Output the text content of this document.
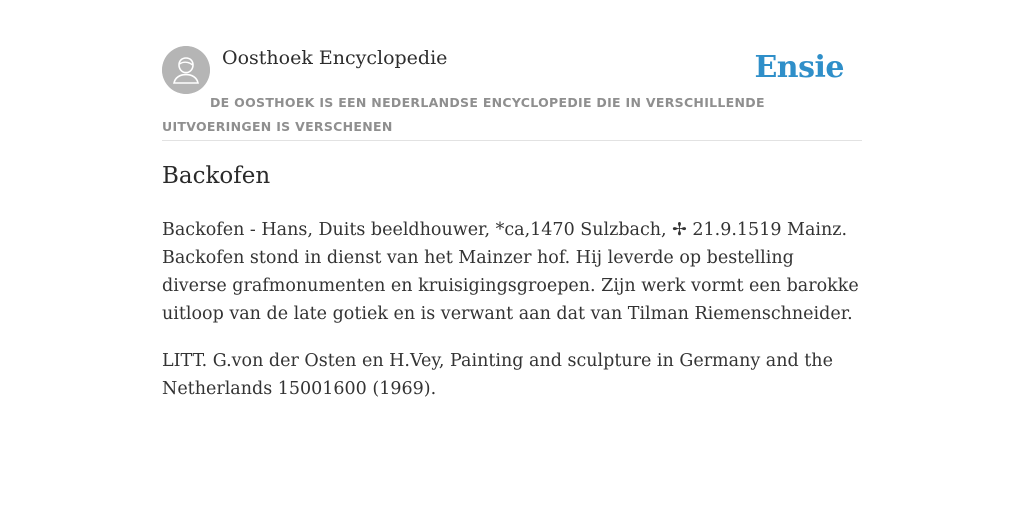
Oosthoek Encyclopedie	Ensie
DE OOSTHOEK IS EEN NEDERLANDSE ENCYCLOPEDIE DIE IN VERSCHILLENDE UITVOERINGEN IS VERSCHENEN
Backofen

Backofen - Hans, Duits beeldhouwer, *ca,1470 Sulzbach, ✢ 21.9.1519 Mainz. Backofen stond in dienst van het Mainzer hof. Hij leverde op bestelling diverse grafmonumenten en kruisigingsgroepen. Zijn werk vormt een barokke uitloop van de late gotiek en is verwant aan dat van Tilman Riemenschneider.

LITT. G.von der Osten en H.Vey, Painting and sculpture in Germany and the Netherlands 15001600 (1969).
